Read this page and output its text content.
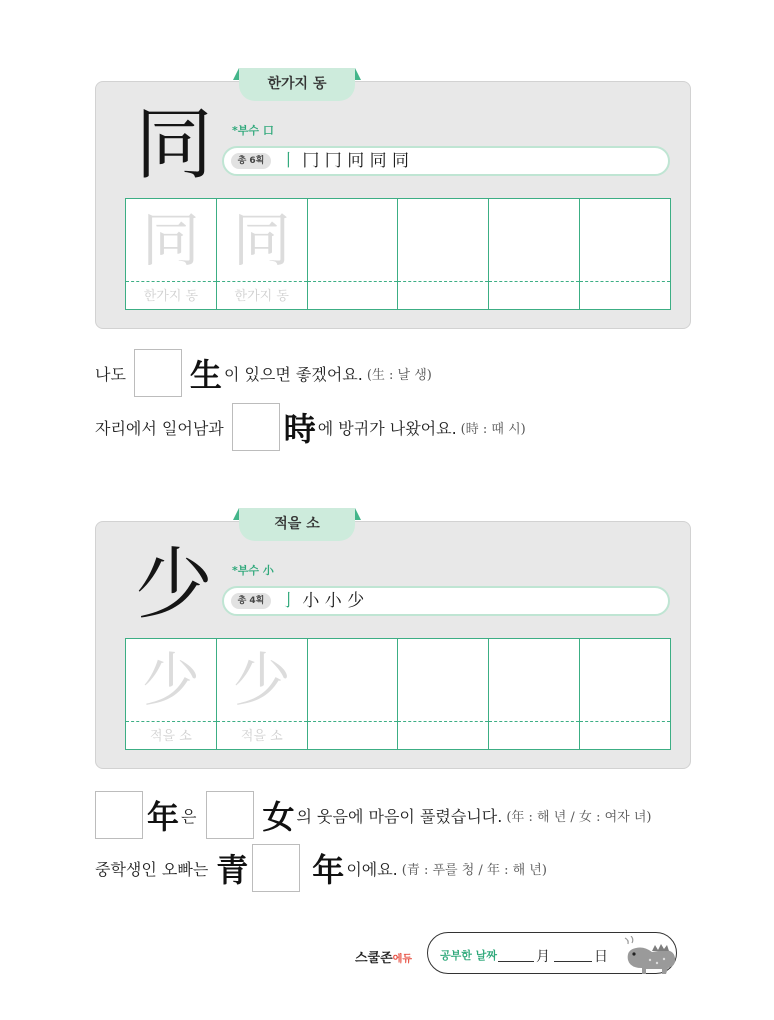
한가지 동
同 *부수 口
총 6획 丨 冂 冂 冋 同 同
同
한가지 동
同
한가지 동
나도 生 이 있으면 좋겠어요. (生 : 날 생)
자리에서 일어남과 時 에 방귀가 나왔어요. (時 : 때 시)
적을 소
少 *부수 小
총 4획 亅 小 小 少
少
적을 소
少
적을 소
年 은 女 의 웃음에 마음이 풀렸습니다. (年 : 해 년 / 女 : 여자 녀)
중학생인 오빠는 青 年 이에요. (青 : 푸를 청 / 年 : 해 년)
스쿨존에듀	공부한 날짜	月	日
